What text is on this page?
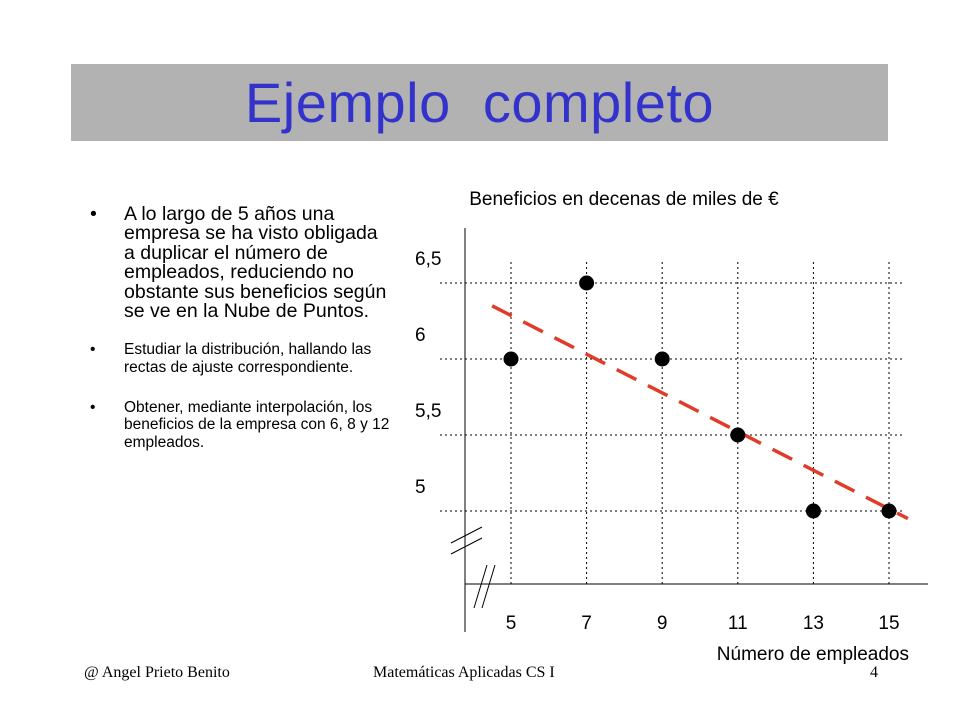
Ejemplo  completo
• A lo largo de 5 años una empresa se ha visto obligada a duplicar el número de empleados, reduciendo no obstante sus beneficios según se ve en la Nube de Puntos.
• Estudiar la distribución, hallando las rectas de ajuste correspondiente.
• Obtener, mediante interpolación, los beneficios de la empresa con 6, 8 y 12 empleados.
Beneficios en decenas de miles de €
5	7	9	11	13	15
5
5,5
6
6,5
Número de empleados
@ Angel Prieto Benito	Matemáticas Aplicadas CS I	4
